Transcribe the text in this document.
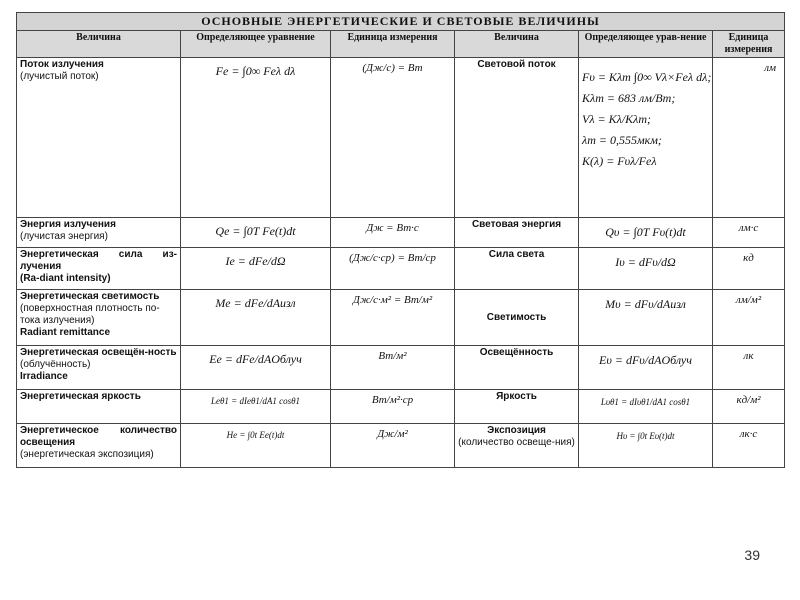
ОСНОВНЫЕ ЭНЕРГЕТИЧЕСКИЕ И СВЕТОВЫЕ ВЕЛИЧИНЫ					
Величина	Определяющее уравнение	Единица измерения	Величина	Определяющее урав-нение	Единица измерения

Поток излучения
(лучистый поток)	Fe = ∫0∞ Feλ dλ	(Дж/с) = Вт	Световой поток	Fυ = Kλm ∫0∞ Vλ×Feλ dλ;
Kλm = 683 лм/Вт;
Vλ = Kλ/Kλm;
λm = 0,555мкм;
K(λ) = Fυλ/Feλ	лм

Энергия излучения
(лучистая энергия)	Qe = ∫0T Fe(t)dt	Дж = Вт·с	Световая энергия	Qυ = ∫0T Fυ(t)dt	лм·с

Энергетическая сила из-лучения
(Ra-diant intensity)	Ie = dFe/dΩ	(Дж/с·ср) = Вт/ср	Сила света	Iυ = dFυ/dΩ	кд

Энергетическая светимость
(поверхностная плотность по-тока излучения)
Radiant remittance	Me = dFe/dAизл	Дж/с·м² = Вт/м²	Светимость	Mυ = dFυ/dAизл	лм/м²

Энергетическая освещён-ность
(облучённость)
Irradiance	Ee = dFe/dAОблуч	Вт/м²	Освещённость	Eυ = dFυ/dAОблуч	лк

Энергетическая яркость	Leθ1 = dIeθ1/dA1 cosθ1	Вт/м²·ср	Яркость	Lυθ1 = dIυθ1/dA1 cosθ1	кд/м²

Энергетическое количество освещения
(энергетическая экспозиция)	He = ∫0t Ee(t)dt	Дж/м²	Экспозиция
(количество освеще-ния)	Hυ = ∫0t Eυ(t)dt	лк·с
39
